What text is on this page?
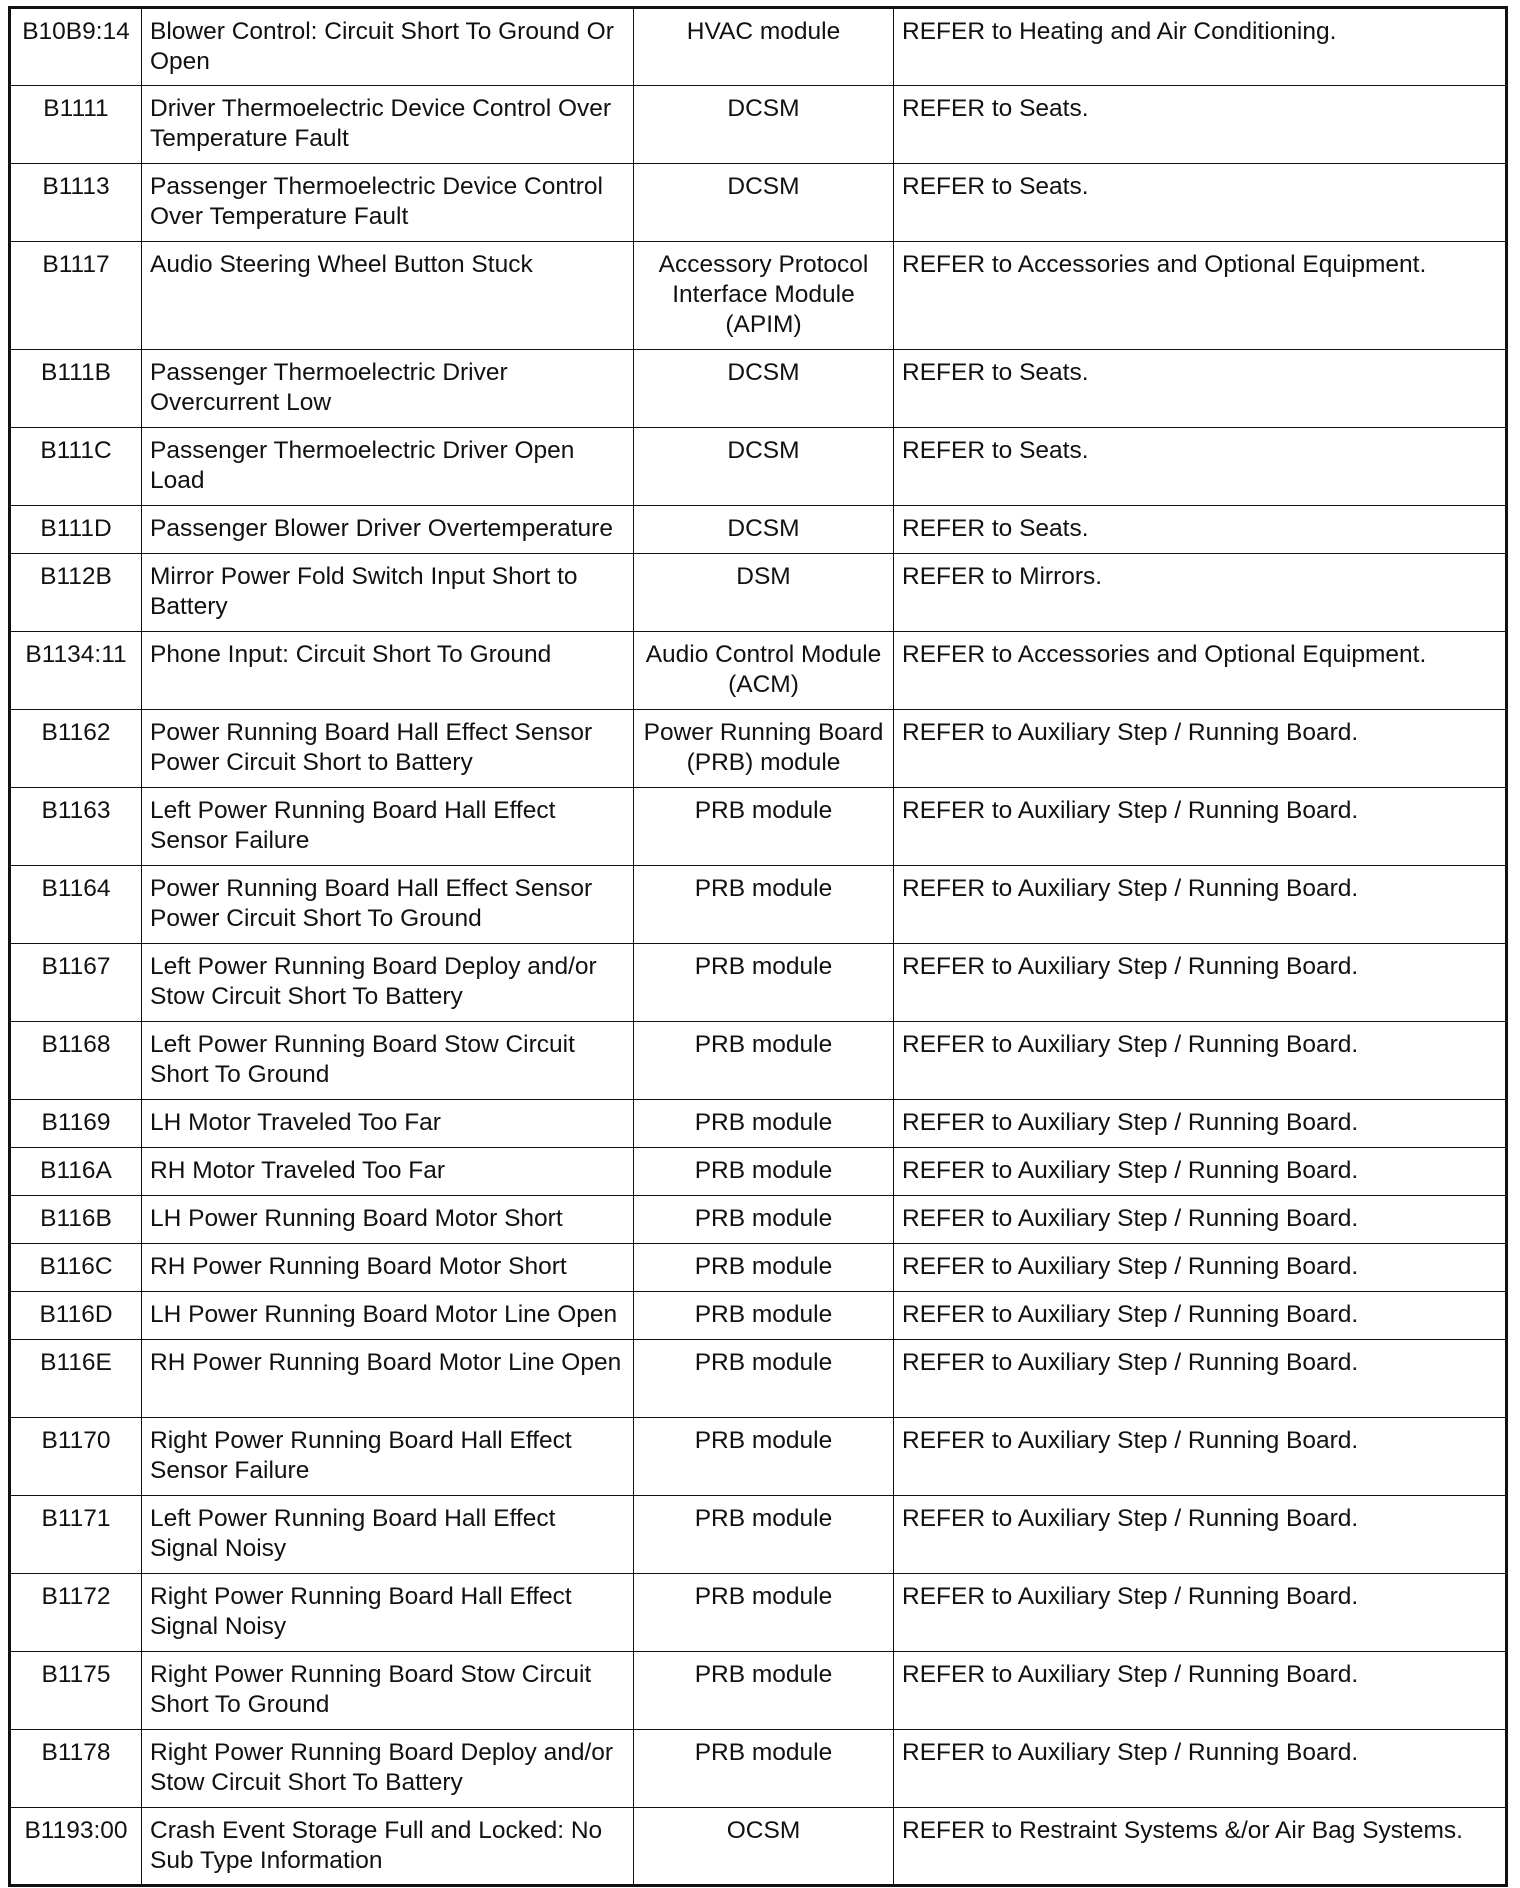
B10B9:14	Blower Control: Circuit Short To Ground Or Open	HVAC module	REFER to Heating and Air Conditioning.
B1111	Driver Thermoelectric Device Control Over Temperature Fault	DCSM	REFER to Seats.
B1113	Passenger Thermoelectric Device Control Over Temperature Fault	DCSM	REFER to Seats.
B1117	Audio Steering Wheel Button Stuck	Accessory Protocol Interface Module (APIM)	REFER to Accessories and Optional Equipment.
B111B	Passenger Thermoelectric Driver Overcurrent Low	DCSM	REFER to Seats.
B111C	Passenger Thermoelectric Driver Open Load	DCSM	REFER to Seats.
B111D	Passenger Blower Driver Overtemperature	DCSM	REFER to Seats.
B112B	Mirror Power Fold Switch Input Short to Battery	DSM	REFER to Mirrors.
B1134:11	Phone Input: Circuit Short To Ground	Audio Control Module (ACM)	REFER to Accessories and Optional Equipment.
B1162	Power Running Board Hall Effect Sensor Power Circuit Short to Battery	Power Running Board (PRB) module	REFER to Auxiliary Step / Running Board.
B1163	Left Power Running Board Hall Effect Sensor Failure	PRB module	REFER to Auxiliary Step / Running Board.
B1164	Power Running Board Hall Effect Sensor Power Circuit Short To Ground	PRB module	REFER to Auxiliary Step / Running Board.
B1167	Left Power Running Board Deploy and/or Stow Circuit Short To Battery	PRB module	REFER to Auxiliary Step / Running Board.
B1168	Left Power Running Board Stow Circuit Short To Ground	PRB module	REFER to Auxiliary Step / Running Board.
B1169	LH Motor Traveled Too Far	PRB module	REFER to Auxiliary Step / Running Board.
B116A	RH Motor Traveled Too Far	PRB module	REFER to Auxiliary Step / Running Board.
B116B	LH Power Running Board Motor Short	PRB module	REFER to Auxiliary Step / Running Board.
B116C	RH Power Running Board Motor Short	PRB module	REFER to Auxiliary Step / Running Board.
B116D	LH Power Running Board Motor Line Open	PRB module	REFER to Auxiliary Step / Running Board.
B116E	RH Power Running Board Motor Line Open	PRB module	REFER to Auxiliary Step / Running Board.
B1170	Right Power Running Board Hall Effect Sensor Failure	PRB module	REFER to Auxiliary Step / Running Board.
B1171	Left Power Running Board Hall Effect Signal Noisy	PRB module	REFER to Auxiliary Step / Running Board.
B1172	Right Power Running Board Hall Effect Signal Noisy	PRB module	REFER to Auxiliary Step / Running Board.
B1175	Right Power Running Board Stow Circuit Short To Ground	PRB module	REFER to Auxiliary Step / Running Board.
B1178	Right Power Running Board Deploy and/or Stow Circuit Short To Battery	PRB module	REFER to Auxiliary Step / Running Board.
B1193:00	Crash Event Storage Full and Locked: No Sub Type Information	OCSM	REFER to Restraint Systems &/or Air Bag Systems.
